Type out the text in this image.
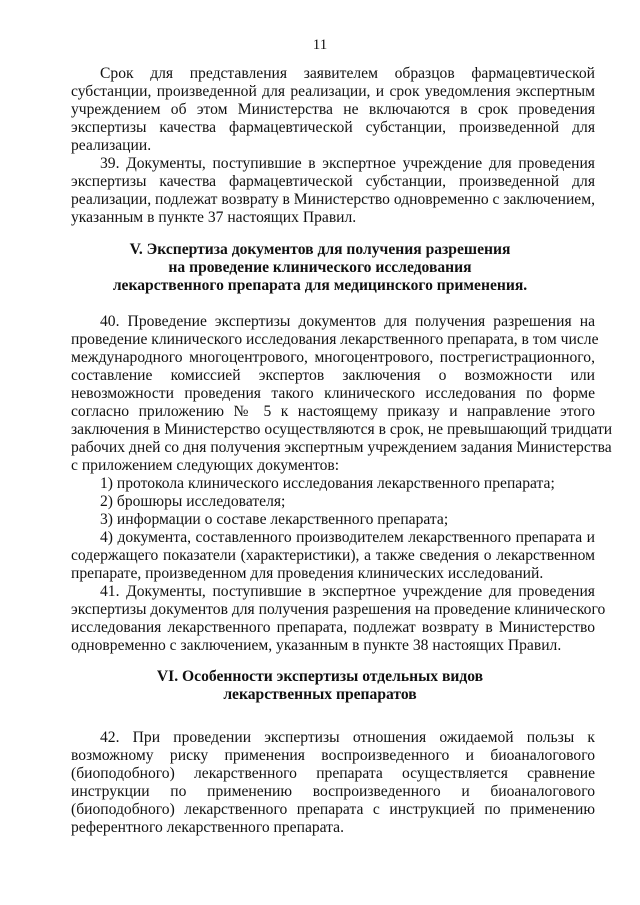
11
Срок для представления заявителем образцов фармацевтической
субстанции, произведенной для реализации, и срок уведомления экспертным
учреждением об этом Министерства не включаются в срок проведения
экспертизы качества фармацевтической субстанции, произведенной для
реализации.
39. Документы, поступившие в экспертное учреждение для проведения
экспертизы качества фармацевтической субстанции, произведенной для
реализации, подлежат возврату в Министерство одновременно с заключением,
указанным в пункте 37 настоящих Правил.
V. Экспертиза документов для получения разрешения
на проведение клинического исследования
лекарственного препарата для медицинского применения.
40. Проведение экспертизы документов для получения разрешения на
проведение клинического исследования лекарственного препарата, в том числе
международного многоцентрового, многоцентрового, пострегистрационного,
составление комиссией экспертов заключения о возможности или
невозможности проведения такого клинического исследования по форме
согласно приложению № 5 к настоящему приказу и направление этого
заключения в Министерство осуществляются в срок, не превышающий тридцати
рабочих дней со дня получения экспертным учреждением задания Министерства
с приложением следующих документов:
1) протокола клинического исследования лекарственного препарата;
2) брошюры исследователя;
3) информации о составе лекарственного препарата;
4) документа, составленного производителем лекарственного препарата и
содержащего показатели (характеристики), а также сведения о лекарственном
препарате, произведенном для проведения клинических исследований.
41. Документы, поступившие в экспертное учреждение для проведения
экспертизы документов для получения разрешения на проведение клинического
исследования лекарственного препарата, подлежат возврату в Министерство
одновременно с заключением, указанным в пункте 38 настоящих Правил.
VI. Особенности экспертизы отдельных видов
лекарственных препаратов
42. При проведении экспертизы отношения ожидаемой пользы к
возможному риску применения воспроизведенного и биоаналогового
(биоподобного) лекарственного препарата осуществляется сравнение
инструкции по применению воспроизведенного и биоаналогового
(биоподобного) лекарственного препарата с инструкцией по применению
референтного лекарственного препарата.
